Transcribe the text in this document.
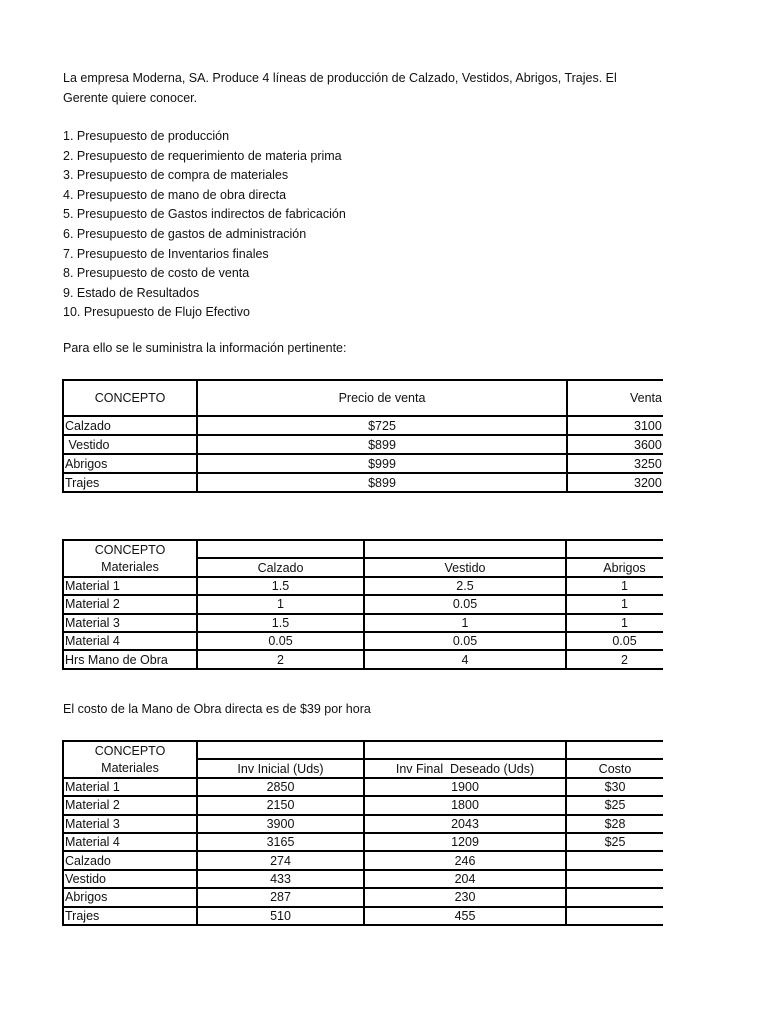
La empresa Moderna, SA. Produce 4 líneas de producción de Calzado, Vestidos, Abrigos, Trajes. El
Gerente quiere conocer.
1. Presupuesto de producción
2. Presupuesto de requerimiento de materia prima
3. Presupuesto de compra de materiales
4. Presupuesto de mano de obra directa
5. Presupuesto de Gastos indirectos de fabricación
6. Presupuesto de gastos de administración
7. Presupuesto de Inventarios finales
8. Presupuesto de costo de venta
9. Estado de Resultados
10. Presupuesto de Flujo Efectivo
Para ello se le suministra la información pertinente:
CONCEPTO	Precio de venta	Venta
Calzado	$725	3100
Vestido	$899	3600
Abrigos	$999	3250
Trajes	$899	3200
CONCEPTO			
Materiales	Calzado	Vestido	Abrigos
Material 1	1.5	2.5	1
Material 2	1	0.05	1
Material 3	1.5	1	1
Material 4	0.05	0.05	0.05
Hrs Mano de Obra	2	4	2
El costo de la Mano de Obra directa es de $39 por hora
CONCEPTO			
Materiales	Inv Inicial (Uds)	Inv Final  Deseado (Uds)	Costo
Material 1	2850	1900	$30
Material 2	2150	1800	$25
Material 3	3900	2043	$28
Material 4	3165	1209	$25
Calzado	274	246	
Vestido	433	204	
Abrigos	287	230	
Trajes	510	455	
